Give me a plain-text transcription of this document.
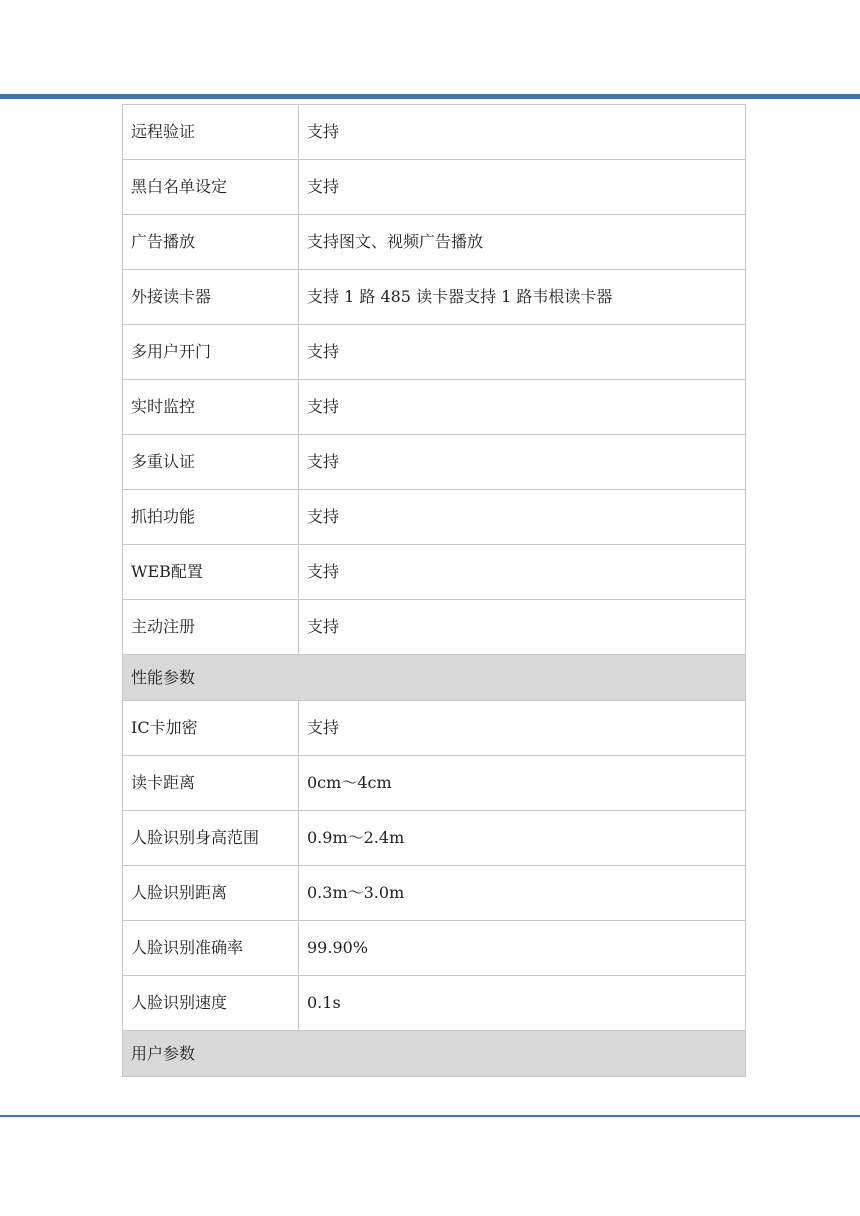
远程验证	支持
黑白名单设定	支持
广告播放	支持图文、视频广告播放
外接读卡器	支持 1 路 485 读卡器支持 1 路韦根读卡器
多用户开门	支持
实时监控	支持
多重认证	支持
抓拍功能	支持
WEB配置	支持
主动注册	支持
性能参数	
IC卡加密	支持
读卡距离	0cm～4cm
人脸识别身高范围	0.9m～2.4m
人脸识别距离	0.3m～3.0m
人脸识别准确率	99.90%
人脸识别速度	0.1s
用户参数	
